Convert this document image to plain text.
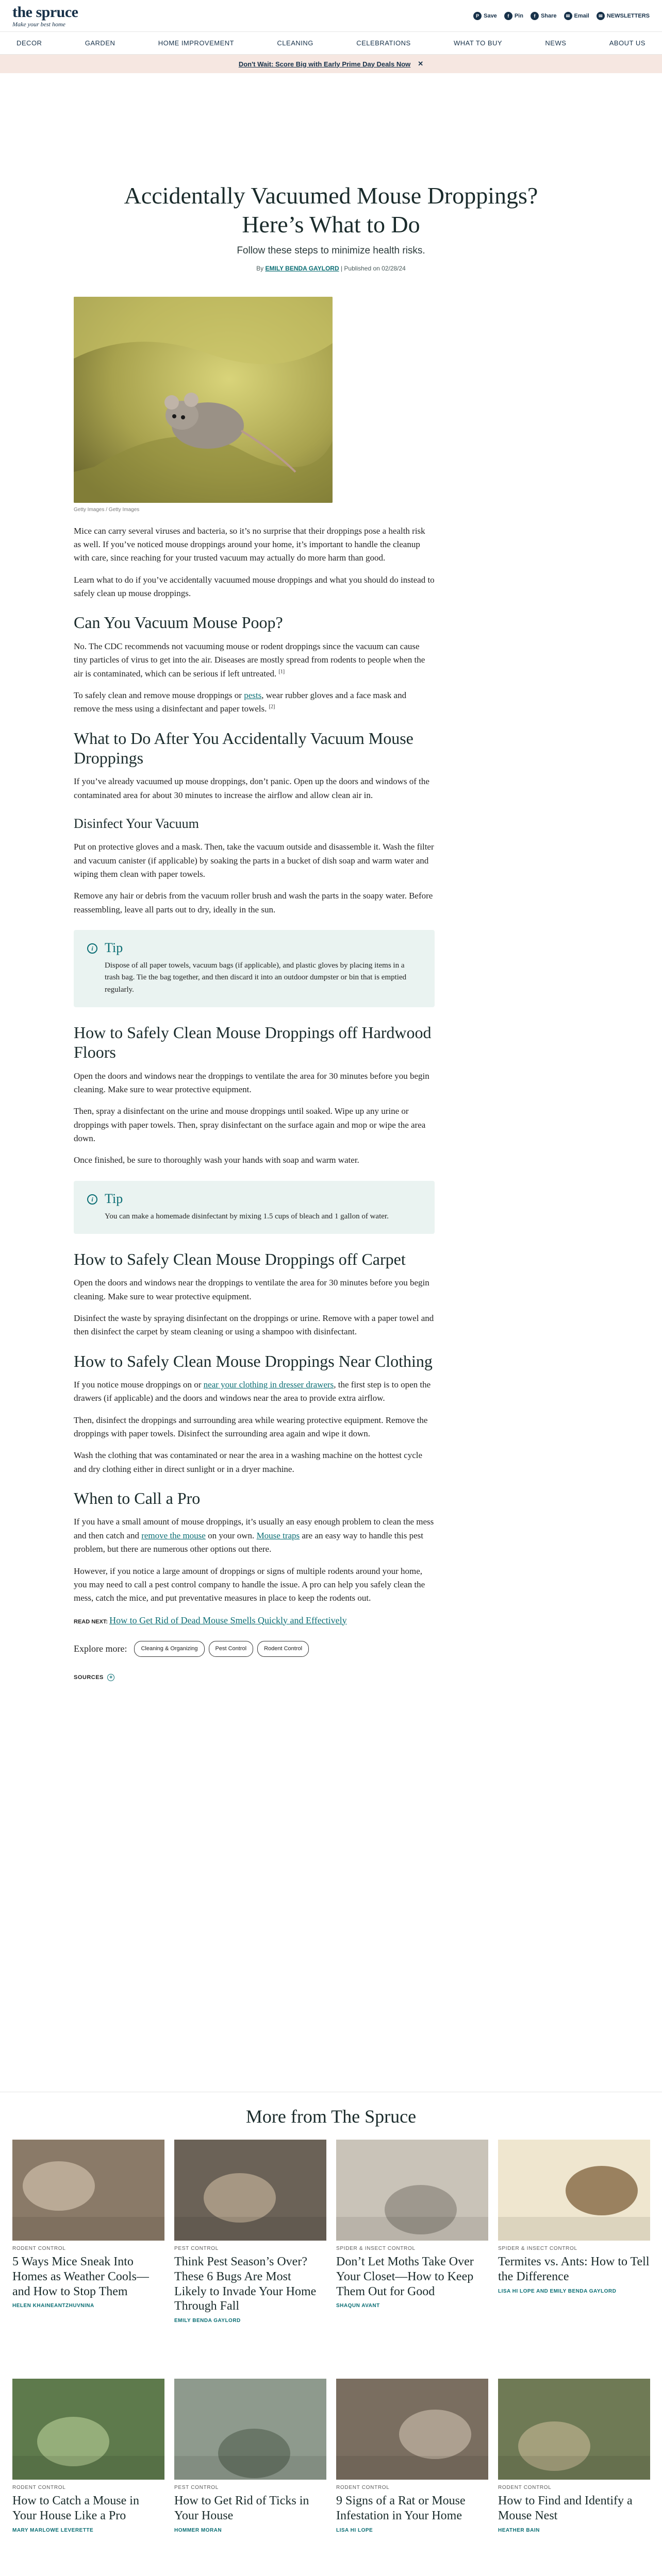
the spruce
Make your best home
P Save	f Pin	f Share	✉ Email	✉ NEWSLETTERS
DECOR	GARDEN	HOME IMPROVEMENT	CLEANING	CELEBRATIONS	WHAT TO BUY	NEWS	ABOUT US
Don't Wait: Score Big with Early Prime Day Deals Now ✕
Accidentally Vacuumed Mouse Droppings? Here’s What to Do
Follow these steps to minimize health risks.
By EMILY BENDA GAYLORD | Published on 02/28/24
Getty Images / Getty Images

Mice can carry several viruses and bacteria, so it’s no surprise that their droppings pose a health risk as well. If you’ve noticed mouse droppings around your home, it’s important to handle the cleanup with care, since reaching for your trusted vacuum may actually do more harm than good.

Learn what to do if you’ve accidentally vacuumed mouse droppings and what you should do instead to safely clean up mouse droppings.

Can You Vacuum Mouse Poop?

No. The CDC recommends not vacuuming mouse or rodent droppings since the vacuum can cause tiny particles of virus to get into the air. Diseases are mostly spread from rodents to people when the air is contaminated, which can be serious if left untreated. [1]

To safely clean and remove mouse droppings or pests, wear rubber gloves and a face mask and remove the mess using a disinfectant and paper towels. [2]

What to Do After You Accidentally Vacuum Mouse Droppings

If you’ve already vacuumed up mouse droppings, don’t panic. Open up the doors and windows of the contaminated area for about 30 minutes to increase the airflow and allow clean air in.

Disinfect Your Vacuum

Put on protective gloves and a mask. Then, take the vacuum outside and disassemble it. Wash the filter and vacuum canister (if applicable) by soaking the parts in a bucket of dish soap and warm water and wiping them clean with paper towels.

Remove any hair or debris from the vacuum roller brush and wash the parts in the soapy water. Before reassembling, leave all parts out to dry, ideally in the sun.

i Tip

Dispose of all paper towels, vacuum bags (if applicable), and plastic gloves by placing items in a trash bag. Tie the bag together, and then discard it into an outdoor dumpster or bin that is emptied regularly.

How to Safely Clean Mouse Droppings off Hardwood Floors

Open the doors and windows near the droppings to ventilate the area for 30 minutes before you begin cleaning. Make sure to wear protective equipment.

Then, spray a disinfectant on the urine and mouse droppings until soaked. Wipe up any urine or droppings with paper towels. Then, spray disinfectant on the surface again and mop or wipe the area down.

Once finished, be sure to thoroughly wash your hands with soap and warm water.

i Tip

You can make a homemade disinfectant by mixing 1.5 cups of bleach and 1 gallon of water.

How to Safely Clean Mouse Droppings off Carpet

Open the doors and windows near the droppings to ventilate the area for 30 minutes before you begin cleaning. Make sure to wear protective equipment.

Disinfect the waste by spraying disinfectant on the droppings or urine. Remove with a paper towel and then disinfect the carpet by steam cleaning or using a shampoo with disinfectant.

How to Safely Clean Mouse Droppings Near Clothing

If you notice mouse droppings on or near your clothing in dresser drawers, the first step is to open the drawers (if applicable) and the doors and windows near the area to provide extra airflow.

Then, disinfect the droppings and surrounding area while wearing protective equipment. Remove the droppings with paper towels. Disinfect the surrounding area again and wipe it down.

Wash the clothing that was contaminated or near the area in a washing machine on the hottest cycle and dry clothing either in direct sunlight or in a dryer machine.

When to Call a Pro

If you have a small amount of mouse droppings, it’s usually an easy enough problem to clean the mess and then catch and remove the mouse on your own. Mouse traps are an easy way to handle this pest problem, but there are numerous other options out there.

However, if you notice a large amount of droppings or signs of multiple rodents around your home, you may need to call a pest control company to handle the issue. A pro can help you safely clean the mess, catch the mice, and put preventative measures in place to keep the rodents out.

READ NEXT: How to Get Rid of Dead Mouse Smells Quickly and Effectively
Explore more:	Cleaning & Organizing	Pest Control	Rodent Control
SOURCES +
More from The Spruce
RODENT CONTROL
5 Ways Mice Sneak Into Homes as Weather Cools—and How to Stop Them
HELEN KHAINEANTZHUVNINA
PEST CONTROL
Think Pest Season’s Over? These 6 Bugs Are Most Likely to Invade Your Home Through Fall
EMILY BENDA GAYLORD
SPIDER & INSECT CONTROL
Don’t Let Moths Take Over Your Closet—How to Keep Them Out for Good
SHAQUN AVANT
SPIDER & INSECT CONTROL
Termites vs. Ants: How to Tell the Difference
LISA HI LOPE AND EMILY BENDA GAYLORD
RODENT CONTROL
How to Catch a Mouse in Your House Like a Pro
MARY MARLOWE LEVERETTE
PEST CONTROL
How to Get Rid of Ticks in Your House
HOMMER MORAN
RODENT CONTROL
9 Signs of a Rat or Mouse Infestation in Your Home
LISA HI LOPE
RODENT CONTROL
How to Find and Identify a Mouse Nest
HEATHER BAIN
